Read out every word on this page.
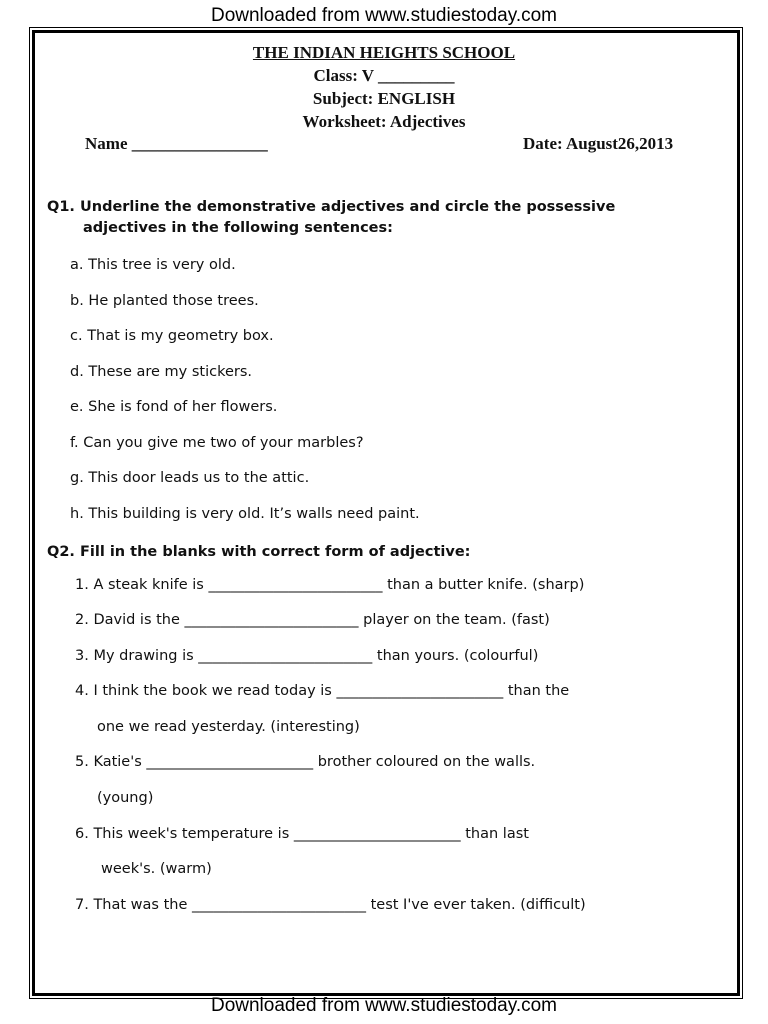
Downloaded from www.studiestoday.com
THE INDIAN HEIGHTS SCHOOL
Class: V _________
Subject: ENGLISH
Worksheet: Adjectives
Name ________________	Date: August26,2013
Q1. Underline the demonstrative adjectives and circle the possessive
adjectives in the following sentences:
a. This tree is very old.
b. He planted those trees.
c. That is my geometry box.
d. These are my stickers.
e. She is fond of her flowers.
f. Can you give me two of your marbles?
g. This door leads us to the attic.
h. This building is very old. It’s walls need paint.
Q2. Fill in the blanks with correct form of adjective:
1. A steak knife is ________________________ than a butter knife. (sharp)
2. David is the ________________________ player on the team. (fast)
3. My drawing is ________________________ than yours. (colourful)
4. I think the book we read today is _______________________ than the
one we read yesterday. (interesting)
5. Katie's _______________________ brother coloured on the walls.
(young)
6. This week's temperature is _______________________ than last
week's. (warm)
7. That was the ________________________ test I've ever taken. (difficult)
Downloaded from www.studiestoday.com
